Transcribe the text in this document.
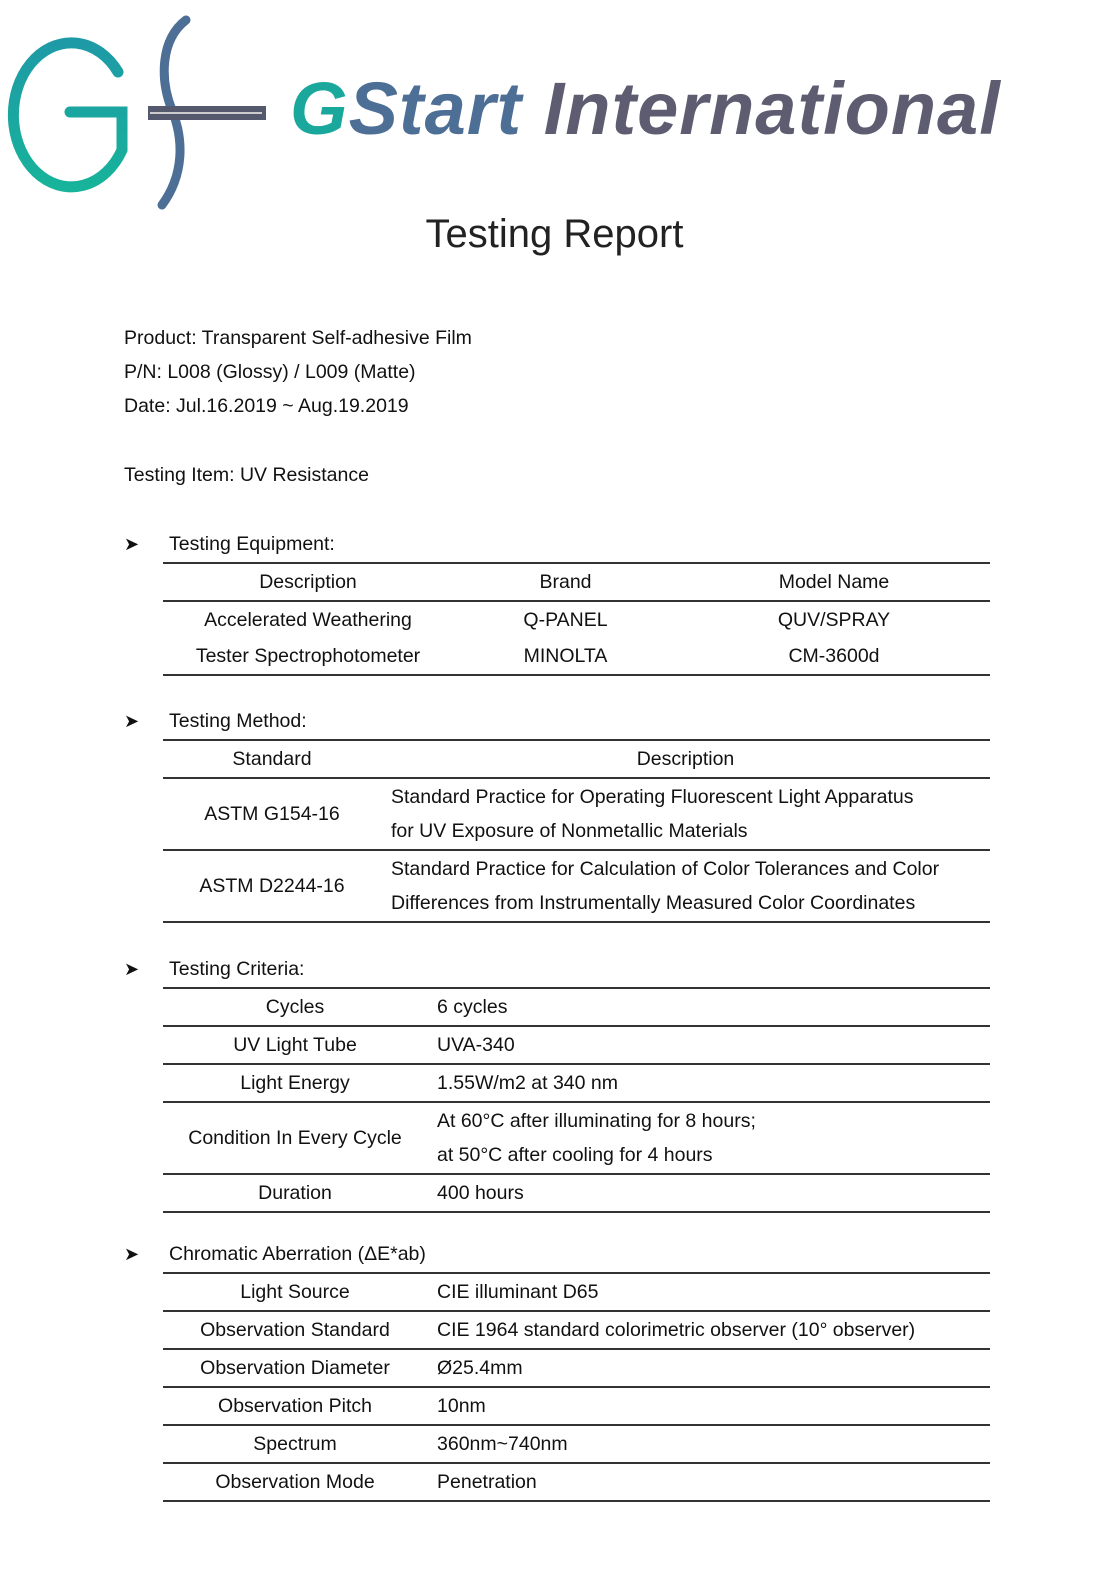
GStart International
Testing Report
Product: Transparent Self-adhesive Film
P/N: L008 (Glossy) / L009 (Matte)
Date: Jul.16.2019 ~ Aug.19.2019
Testing Item: UV Resistance
➤	Testing Equipment:
Description	Brand	Model Name
Accelerated Weathering	Q-PANEL	QUV/SPRAY
Tester Spectrophotometer	MINOLTA	CM-3600d
➤	Testing Method:
Standard	Description
ASTM G154-16	Standard Practice for Operating Fluorescent Light Apparatus
for UV Exposure of Nonmetallic Materials

ASTM D2244-16	Standard Practice for Calculation of Color Tolerances and Color
Differences from Instrumentally Measured Color Coordinates
➤	Testing Criteria:
Cycles	6 cycles
UV Light Tube	UVA-340
Light Energy	1.55W/m2 at 340 nm
Condition In Every Cycle	At 60°C after illuminating for 8 hours;
at 50°C after cooling for 4 hours

Duration	400 hours
➤	Chromatic Aberration (ΔE*ab)
Light Source	CIE illuminant D65
Observation Standard	CIE 1964 standard colorimetric observer (10° observer)
Observation Diameter	Ø25.4mm
Observation Pitch	10nm
Spectrum	360nm~740nm
Observation Mode	Penetration
